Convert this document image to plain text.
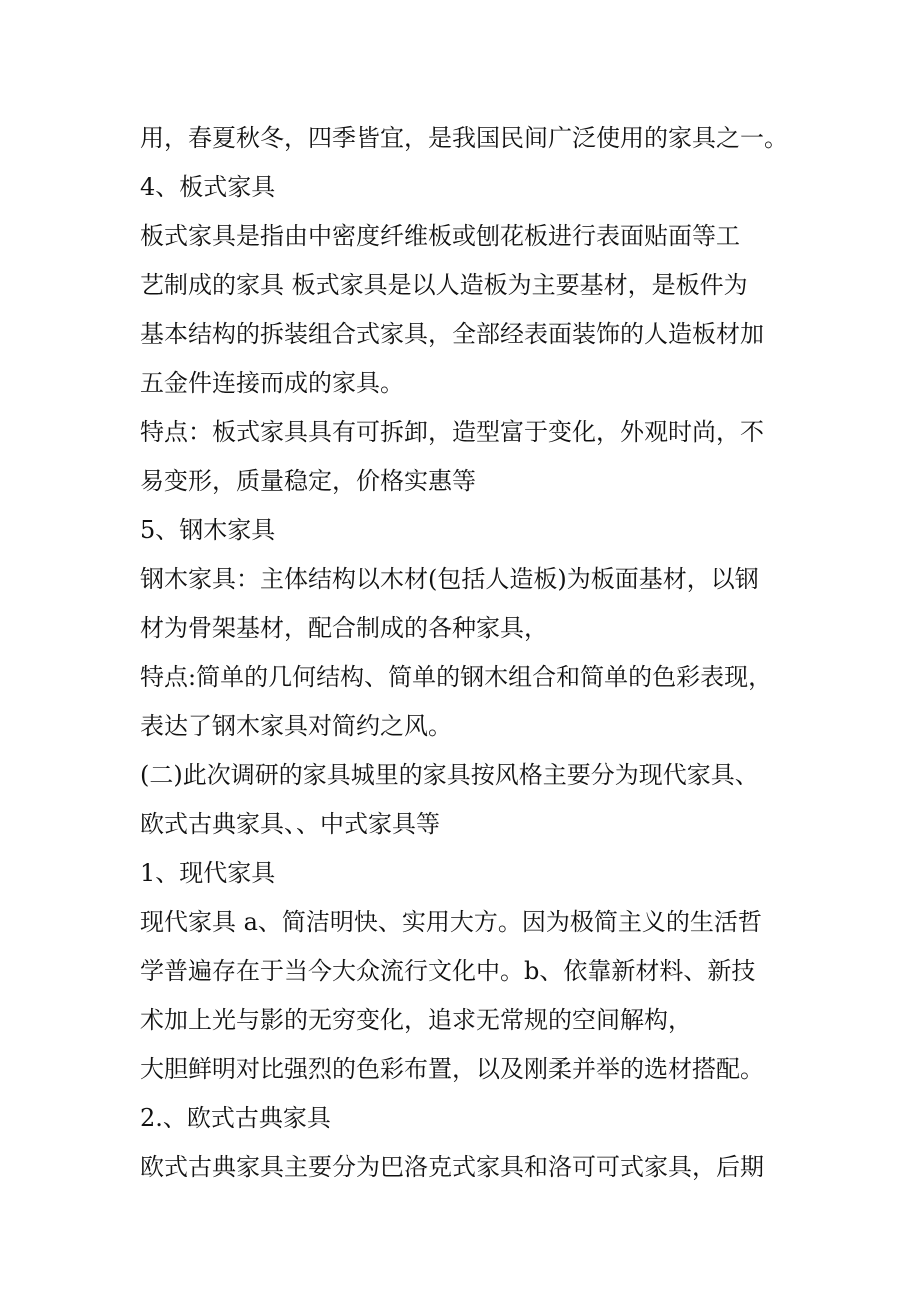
用，春夏秋冬，四季皆宜，是我国民间广泛使用的家具之一。
4、板式家具
板式家具是指由中密度纤维板或刨花板进行表面贴面等工
艺制成的家具 板式家具是以人造板为主要基材，是板件为
基本结构的拆装组合式家具，全部经表面装饰的人造板材加
五金件连接而成的家具。
特点：板式家具具有可拆卸，造型富于变化，外观时尚，不
易变形，质量稳定，价格实惠等
5、钢木家具
钢木家具：主体结构以木材(包括人造板)为板面基材，以钢
材为骨架基材，配合制成的各种家具，
特点:简单的几何结构、简单的钢木组合和简单的色彩表现，
表达了钢木家具对简约之风。
(二)此次调研的家具城里的家具按风格主要分为现代家具、
欧式古典家具、、中式家具等
1、现代家具
现代家具 a、简洁明快、实用大方。因为极简主义的生活哲
学普遍存在于当今大众流行文化中。b、依靠新材料、新技
术加上光与影的无穷变化，追求无常规的空间解构，
大胆鲜明对比强烈的色彩布置，以及刚柔并举的选材搭配。
2.、欧式古典家具
欧式古典家具主要分为巴洛克式家具和洛可可式家具，后期
